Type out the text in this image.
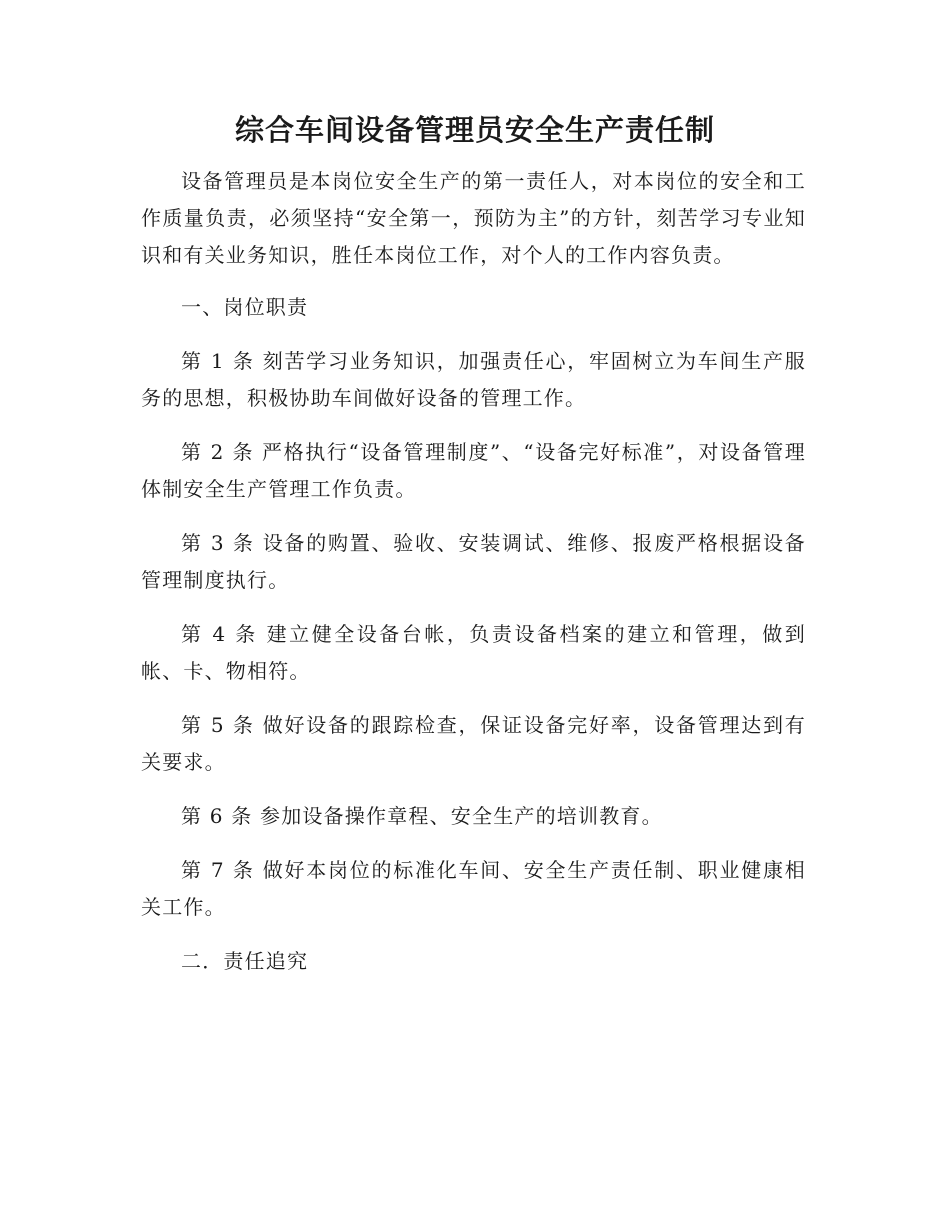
综合车间设备管理员安全生产责任制

设备管理员是本岗位安全生产的第一责任人，对本岗位的安全和工作质量负责，必须坚持“安全第一，预防为主”的方针，刻苦学习专业知识和有关业务知识，胜任本岗位工作，对个人的工作内容负责。

一、岗位职责

第 1 条 刻苦学习业务知识，加强责任心，牢固树立为车间生产服务的思想，积极协助车间做好设备的管理工作。

第 2 条 严格执行“设备管理制度”、“设备完好标准”，对设备管理体制安全生产管理工作负责。

第 3 条 设备的购置、验收、安装调试、维修、报废严格根据设备管理制度执行。

第 4 条 建立健全设备台帐，负责设备档案的建立和管理，做到帐、卡、物相符。

第 5 条 做好设备的跟踪检查，保证设备完好率，设备管理达到有关要求。

第 6 条 参加设备操作章程、安全生产的培训教育。

第 7 条 做好本岗位的标准化车间、安全生产责任制、职业健康相关工作。

二．责任追究
